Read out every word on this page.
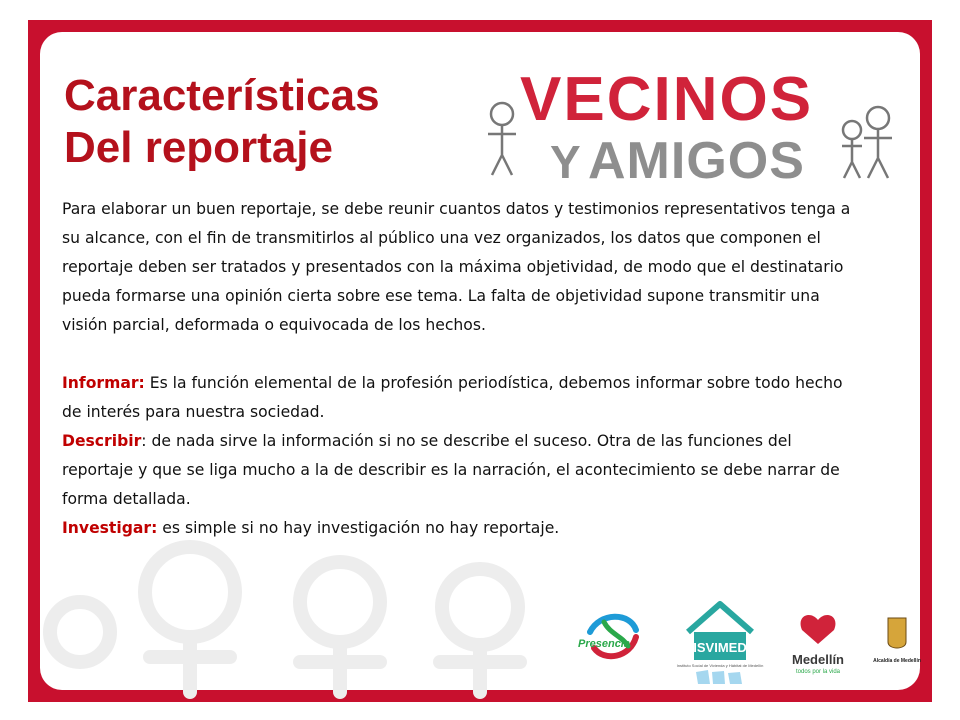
Características
Del reportaje
VECINOS
Y AMIGOS

Para elaborar un buen reportaje, se debe reunir cuantos datos y testimonios representativos tenga a su alcance, con el fin de transmitirlos al público una vez organizados, los datos que componen el reportaje deben ser tratados y presentados con la máxima objetividad, de modo que el destinatario pueda formarse una opinión cierta sobre ese tema. La falta de objetividad supone transmitir una visión parcial, deformada o equivocada de los hechos.

Informar: Es la función elemental de la profesión periodística, debemos informar sobre todo hecho de interés para nuestra sociedad.

Describir: de nada sirve la información si no se describe el suceso. Otra de las funciones del reportaje y que se liga mucho a la de describir es la narración, el acontecimiento se debe narrar de forma detallada.

Investigar: es simple si no hay investigación no hay reportaje.

Presencia	ISVIMED
Instituto Social de Vivienda y Hábitat de Medellín Medellín
todos por la vida
Alcaldía de Medellín
